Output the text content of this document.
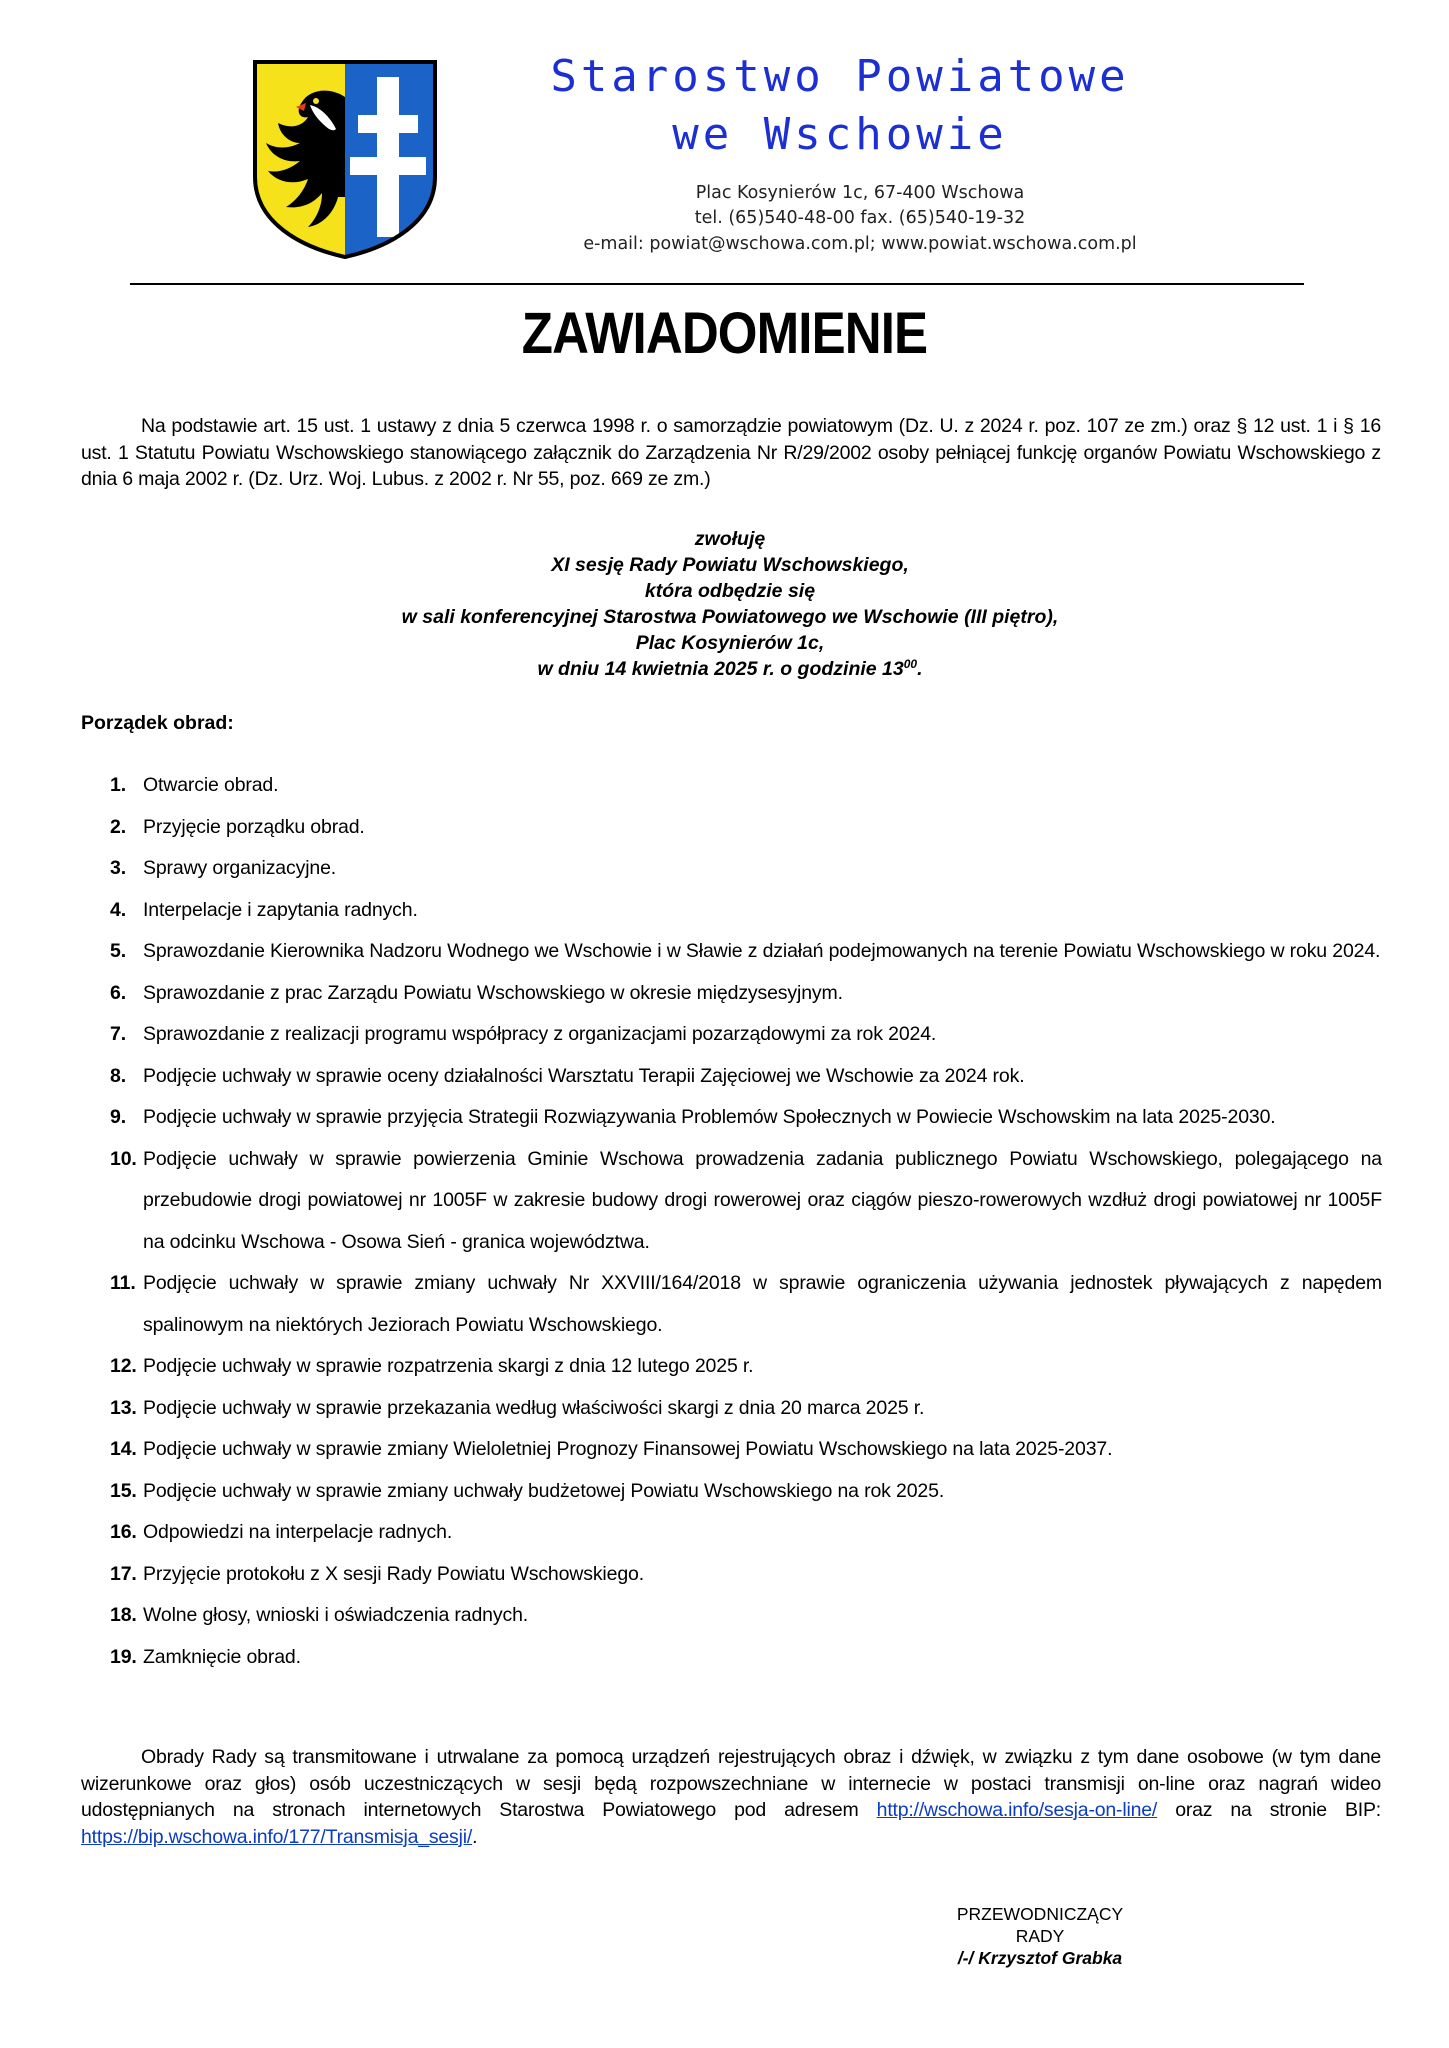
Starostwo Powiatowe
we Wschowie
Plac Kosynierów 1c, 67-400 Wschowa
tel. (65)540-48-00 fax. (65)540-19-32
e-mail: powiat@wschowa.com.pl; www.powiat.wschowa.com.pl
ZAWIADOMIENIE

Na podstawie art. 15 ust. 1 ustawy z dnia 5 czerwca 1998 r. o samorządzie powiatowym (Dz. U. z 2024 r. poz. 107 ze zm.) oraz § 12 ust. 1 i § 16 ust. 1 Statutu Powiatu Wschowskiego stanowiącego załącznik do Zarządzenia Nr R/29/2002 osoby pełniącej funkcję organów Powiatu Wschowskiego z dnia 6 maja 2002 r. (Dz. Urz. Woj. Lubus. z 2002 r. Nr 55, poz. 669 ze zm.)

zwołuję
XI sesję Rady Powiatu Wschowskiego,
która odbędzie się
w sali konferencyjnej Starostwa Powiatowego we Wschowie (III piętro),
Plac Kosynierów 1c,
w dniu 14 kwietnia 2025 r. o godzinie $13^{00}$.
Porządek obrad:
1. Otwarcie obrad.
2. Przyjęcie porządku obrad.
3. Sprawy organizacyjne.
4. Interpelacje i zapytania radnych.
5. Sprawozdanie Kierownika Nadzoru Wodnego we Wschowie i w Sławie z działań podejmowanych na terenie Powiatu Wschowskiego w roku 2024.
6. Sprawozdanie z prac Zarządu Powiatu Wschowskiego w okresie międzysesyjnym.
7. Sprawozdanie z realizacji programu współpracy z organizacjami pozarządowymi za rok 2024.
8. Podjęcie uchwały w sprawie oceny działalności Warsztatu Terapii Zajęciowej we Wschowie za 2024 rok.
9. Podjęcie uchwały w sprawie przyjęcia Strategii Rozwiązywania Problemów Społecznych w Powiecie Wschowskim na lata 2025-2030.
10. Podjęcie uchwały w sprawie powierzenia Gminie Wschowa prowadzenia zadania publicznego Powiatu Wschowskiego, polegającego na przebudowie drogi powiatowej nr 1005F w zakresie budowy drogi rowerowej oraz ciągów pieszo-rowerowych wzdłuż drogi powiatowej nr 1005F na odcinku Wschowa - Osowa Sień - granica województwa.
11. Podjęcie uchwały w sprawie zmiany uchwały Nr XXVIII/164/2018 w sprawie ograniczenia używania jednostek pływających z napędem spalinowym na niektórych Jeziorach Powiatu Wschowskiego.
12. Podjęcie uchwały w sprawie rozpatrzenia skargi z dnia 12 lutego 2025 r.
13. Podjęcie uchwały w sprawie przekazania według właściwości skargi z dnia 20 marca 2025 r.
14. Podjęcie uchwały w sprawie zmiany Wieloletniej Prognozy Finansowej Powiatu Wschowskiego na lata 2025-2037.
15. Podjęcie uchwały w sprawie zmiany uchwały budżetowej Powiatu Wschowskiego na rok 2025.
16. Odpowiedzi na interpelacje radnych.
17. Przyjęcie protokołu z X sesji Rady Powiatu Wschowskiego.
18. Wolne głosy, wnioski i oświadczenia radnych.
19. Zamknięcie obrad.

Obrady Rady są transmitowane i utrwalane za pomocą urządzeń rejestrujących obraz i dźwięk, w związku z tym dane osobowe (w tym dane wizerunkowe oraz głos) osób uczestniczących w sesji będą rozpowszechniane w internecie w postaci transmisji on-line oraz nagrań wideo udostępnianych na stronach internetowych Starostwa Powiatowego pod adresem http://wschowa.info/sesja-on-line/ oraz na stronie BIP: https://bip.wschowa.info/177/Transmisja_sesji/.

PRZEWODNICZĄCY
RADY
/-/ Krzysztof Grabka
